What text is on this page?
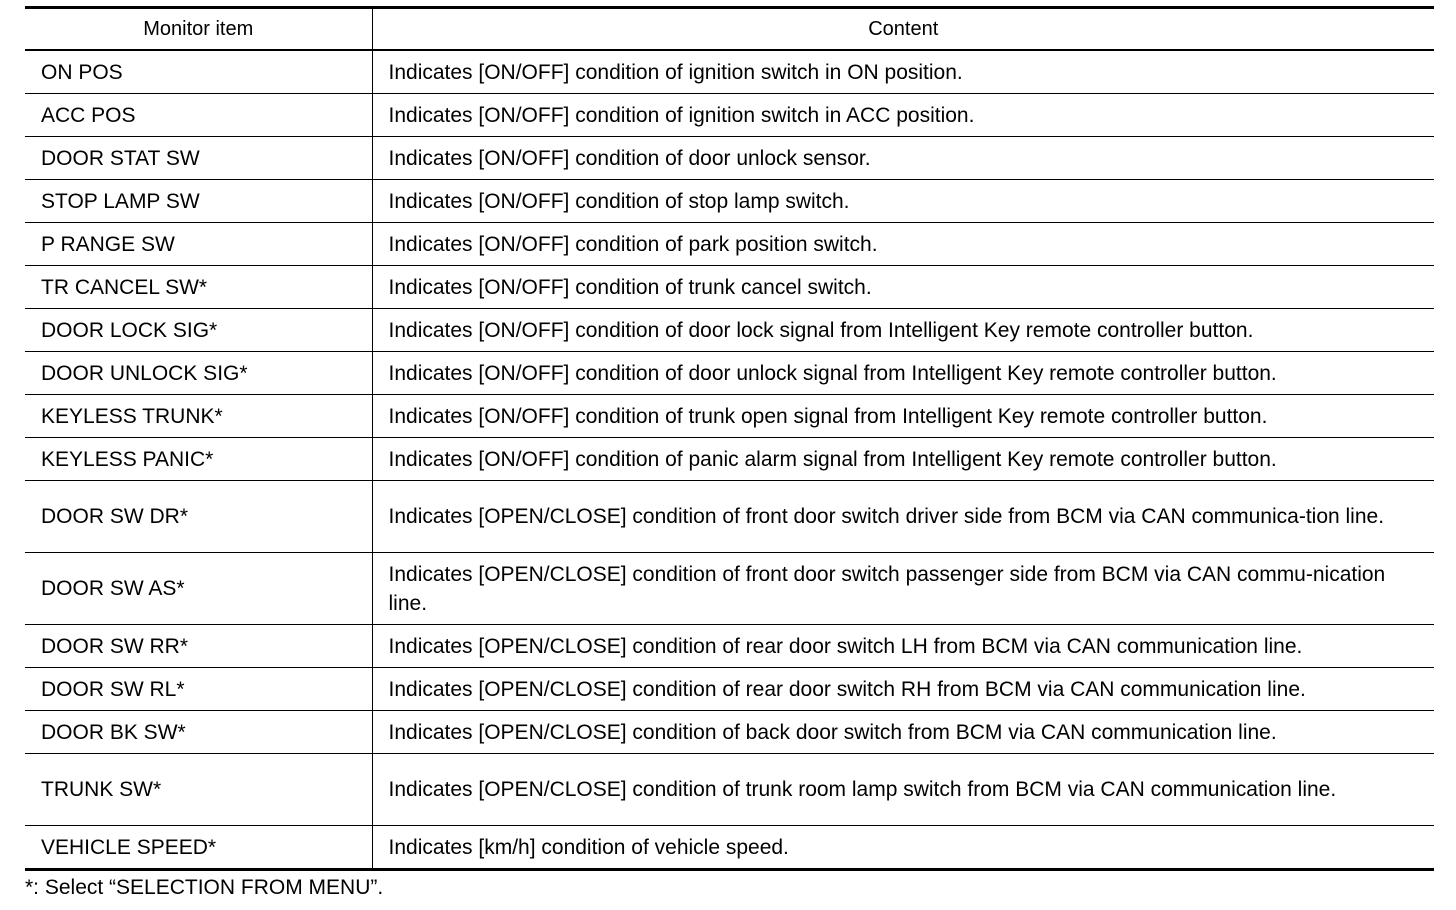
Monitor item	Content
ON POS	Indicates [ON/OFF] condition of ignition switch in ON position.
ACC POS	Indicates [ON/OFF] condition of ignition switch in ACC position.
DOOR STAT SW	Indicates [ON/OFF] condition of door unlock sensor.
STOP LAMP SW	Indicates [ON/OFF] condition of stop lamp switch.
P RANGE SW	Indicates [ON/OFF] condition of park position switch.
TR CANCEL SW*	Indicates [ON/OFF] condition of trunk cancel switch.
DOOR LOCK SIG*	Indicates [ON/OFF] condition of door lock signal from Intelligent Key remote controller button.
DOOR UNLOCK SIG*	Indicates [ON/OFF] condition of door unlock signal from Intelligent Key remote controller button.
KEYLESS TRUNK*	Indicates [ON/OFF] condition of trunk open signal from Intelligent Key remote controller button.
KEYLESS PANIC*	Indicates [ON/OFF] condition of panic alarm signal from Intelligent Key remote controller button.
DOOR SW DR*	Indicates [OPEN/CLOSE] condition of front door switch driver side from BCM via CAN communica-tion line.
DOOR SW AS*	Indicates [OPEN/CLOSE] condition of front door switch passenger side from BCM via CAN commu-nication line.
DOOR SW RR*	Indicates [OPEN/CLOSE] condition of rear door switch LH from BCM via CAN communication line.
DOOR SW RL*	Indicates [OPEN/CLOSE] condition of rear door switch RH from BCM via CAN communication line.
DOOR BK SW*	Indicates [OPEN/CLOSE] condition of back door switch from BCM via CAN communication line.
TRUNK SW*	Indicates [OPEN/CLOSE] condition of trunk room lamp switch from BCM via CAN communication line.
VEHICLE SPEED*	Indicates [km/h] condition of vehicle speed.

*: Select “SELECTION FROM MENU”.
